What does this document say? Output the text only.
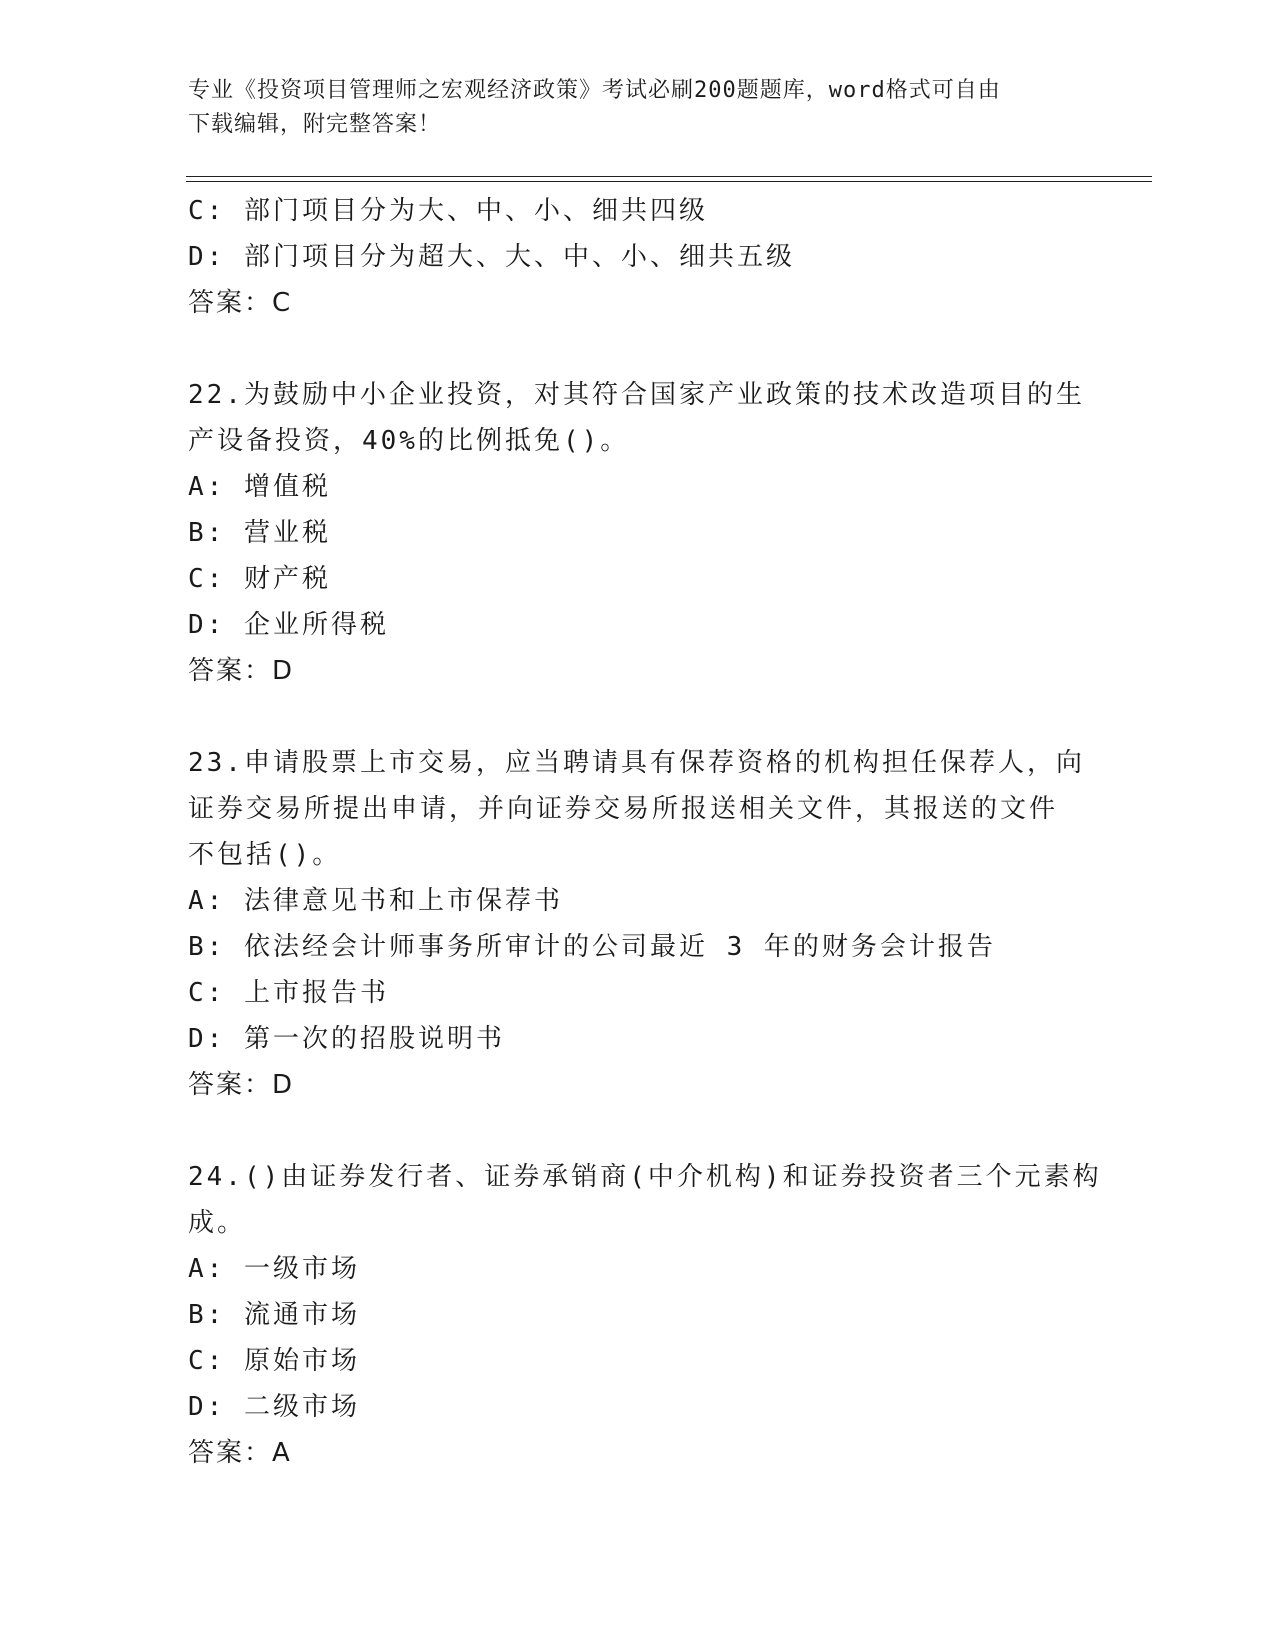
专业《投资项目管理师之宏观经济政策》考试必刷200题题库，word格式可自由
下载编辑，附完整答案！
C: 部门项目分为大、中、小、细共四级
D: 部门项目分为超大、大、中、小、细共五级
答案：C
22.为鼓励中小企业投资，对其符合国家产业政策的技术改造项目的生
产设备投资，40%的比例抵免()。
A: 增值税
B: 营业税
C: 财产税
D: 企业所得税
答案：D
23.申请股票上市交易，应当聘请具有保荐资格的机构担任保荐人，向
证券交易所提出申请，并向证券交易所报送相关文件，其报送的文件
不包括()。
A: 法律意见书和上市保荐书
B: 依法经会计师事务所审计的公司最近 3 年的财务会计报告
C: 上市报告书
D: 第一次的招股说明书
答案：D
24.()由证券发行者、证券承销商(中介机构)和证券投资者三个元素构
成。
A: 一级市场
B: 流通市场
C: 原始市场
D: 二级市场
答案：A
